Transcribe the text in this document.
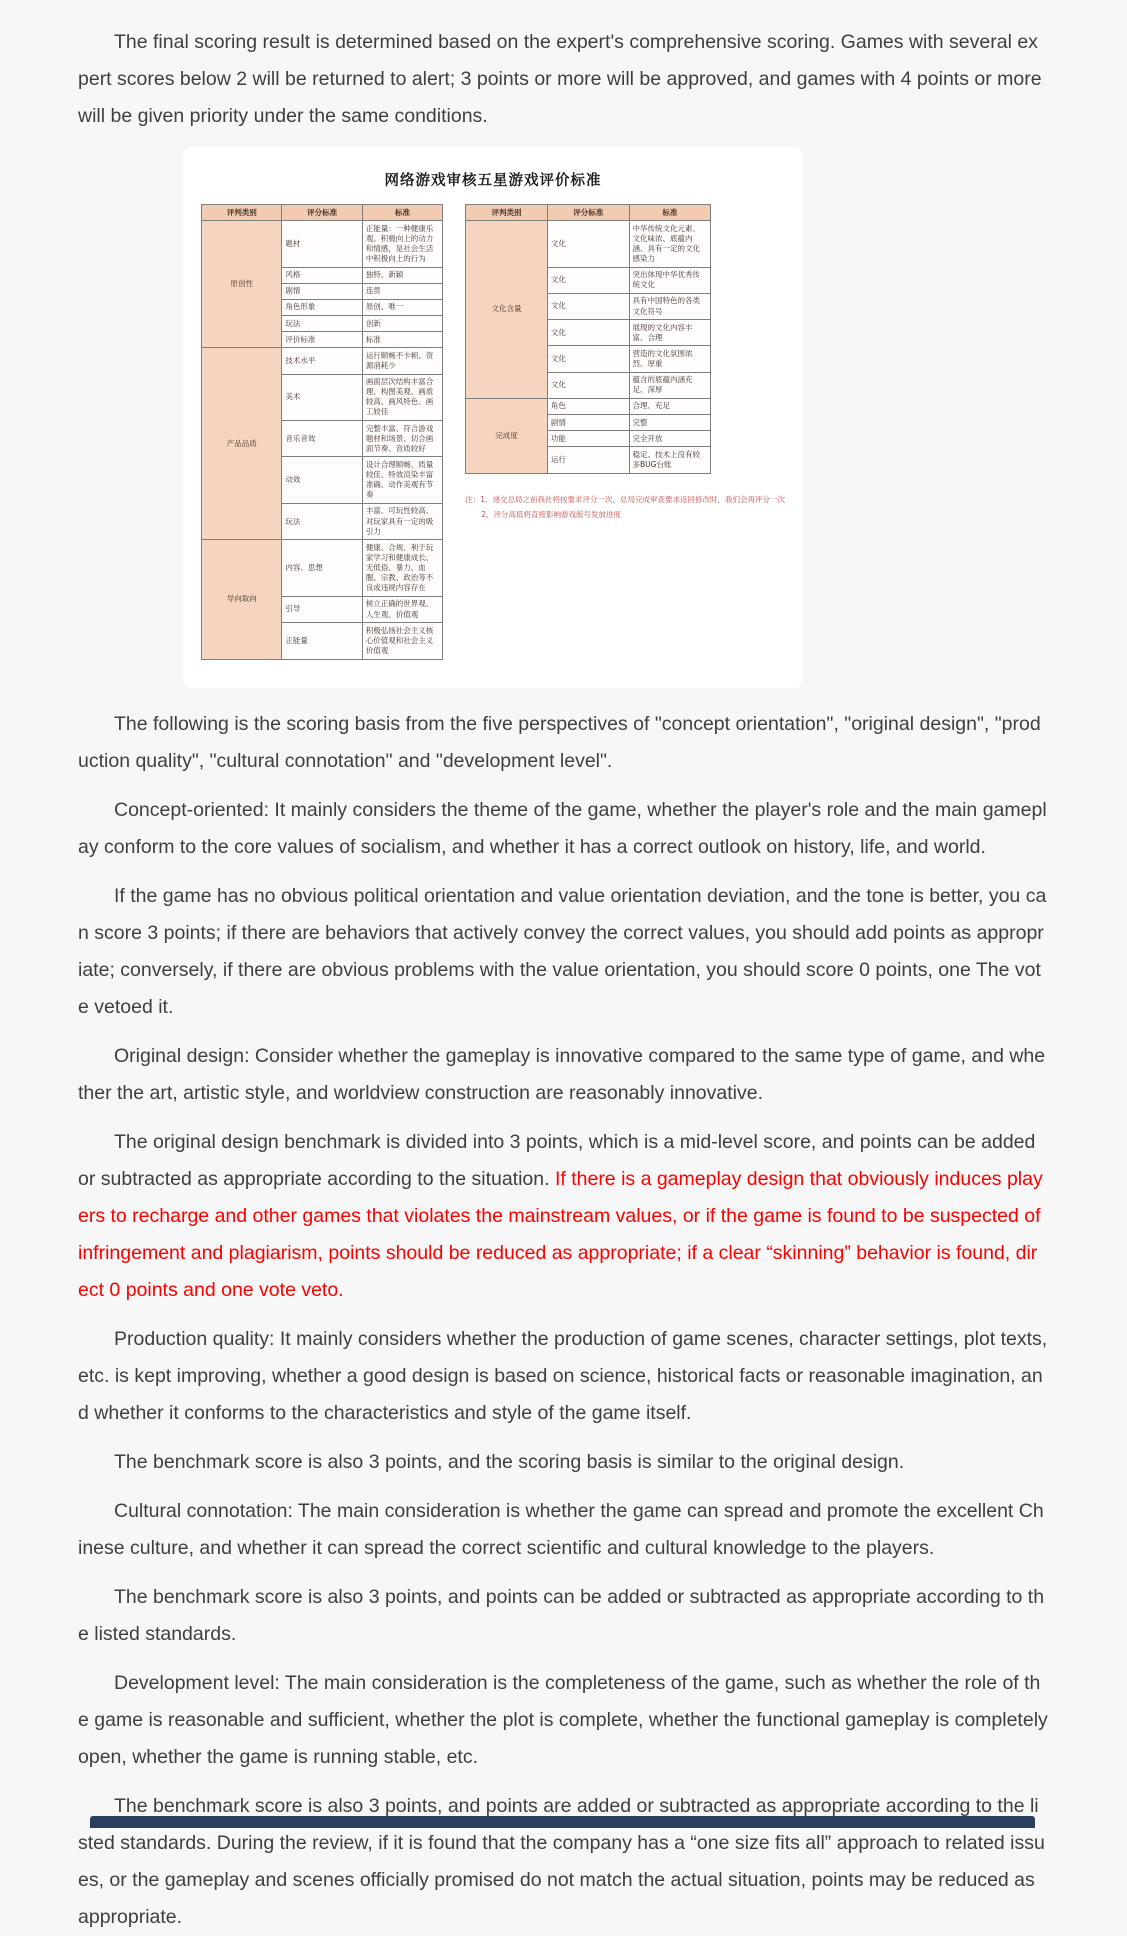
The final scoring result is determined based on the expert's comprehensive scoring. Games with several expert scores below 2 will be returned to alert; 3 points or more will be approved, and games with 4 points or more will be given priority under the same conditions.

网络游戏审核五星游戏评价标准
评判类别	评分标准	标准
原创性	题材	正能量：一种健康乐观、积极向上的动力和情感，是社会生活中积极向上的行为
	风格	独特、新颖
	剧情	连贯
	角色形象	原创、唯一
	玩法	创新
	评价标准	标准
产品品质	技术水平	运行顺畅不卡顿、资源消耗少
	美术	画面层次结构丰富合理、构图美观、画质较高、画风特色、画工较佳
	音乐音效	完整丰富、符合游戏题材和场景、切合画面节奏、音质较好
	动效	设计合理顺畅、质量较佳、特效渲染丰富准确、动作美观有节奏
	玩法	丰富、可玩性较高、对玩家具有一定的吸引力
导向取向	内容、思想	健康、合规、利于玩家学习和健康成长、无低俗、暴力、血腥、宗教、政治等不良或违规内容存在
	引导	树立正确的世界观、人生观、价值观
	正能量	积极弘扬社会主义核心价值观和社会主义价值观
评判类别	评分标准	标准
文化含量	文化	中华传统文化元素、文化味浓、底蕴内涵、具有一定的文化感染力
	文化	突出体现中华优秀传统文化
	文化	具有中国特色的各类文化符号
	文化	展现的文化内容丰富、合理
	文化	营造的文化氛围浓烈、厚重
	文化	蕴含的底蕴内涵充足、深厚
完成度	角色	合理、充足
	剧情	完整
	功能	完全开放
	运行	稳定、技术上没有较多BUG台账
注：1、递交总局之前我社将按要求评分一次，总局完成审查要求返回修改时，我们会再评分一次
2、评分高低将直接影响游戏版号发放进度

The following is the scoring basis from the five perspectives of "concept orientation", "original design", "production quality", "cultural connotation" and "development level".

Concept-oriented: It mainly considers the theme of the game, whether the player's role and the main gameplay conform to the core values of socialism, and whether it has a correct outlook on history, life, and world.

If the game has no obvious political orientation and value orientation deviation, and the tone is better, you can score 3 points; if there are behaviors that actively convey the correct values, you should add points as appropriate; conversely, if there are obvious problems with the value orientation, you should score 0 points, one The vote vetoed it.

Original design: Consider whether the gameplay is innovative compared to the same type of game, and whether the art, artistic style, and worldview construction are reasonably innovative.

The original design benchmark is divided into 3 points, which is a mid-level score, and points can be added or subtracted as appropriate according to the situation. If there is a gameplay design that obviously induces players to recharge and other games that violates the mainstream values, or if the game is found to be suspected of infringement and plagiarism, points should be reduced as appropriate; if a clear “skinning” behavior is found, direct 0 points and one vote veto.

Production quality: It mainly considers whether the production of game scenes, character settings, plot texts, etc. is kept improving, whether a good design is based on science, historical facts or reasonable imagination, and whether it conforms to the characteristics and style of the game itself.

The benchmark score is also 3 points, and the scoring basis is similar to the original design.

Cultural connotation: The main consideration is whether the game can spread and promote the excellent Chinese culture, and whether it can spread the correct scientific and cultural knowledge to the players.

The benchmark score is also 3 points, and points can be added or subtracted as appropriate according to the listed standards.

Development level: The main consideration is the completeness of the game, such as whether the role of the game is reasonable and sufficient, whether the plot is complete, whether the functional gameplay is completely open, whether the game is running stable, etc.

The benchmark score is also 3 points, and points are added or subtracted as appropriate according to the listed standards. During the review, if it is found that the company has a “one size fits all” approach to related issues, or the gameplay and scenes officially promised do not match the actual situation, points may be reduced as appropriate.
